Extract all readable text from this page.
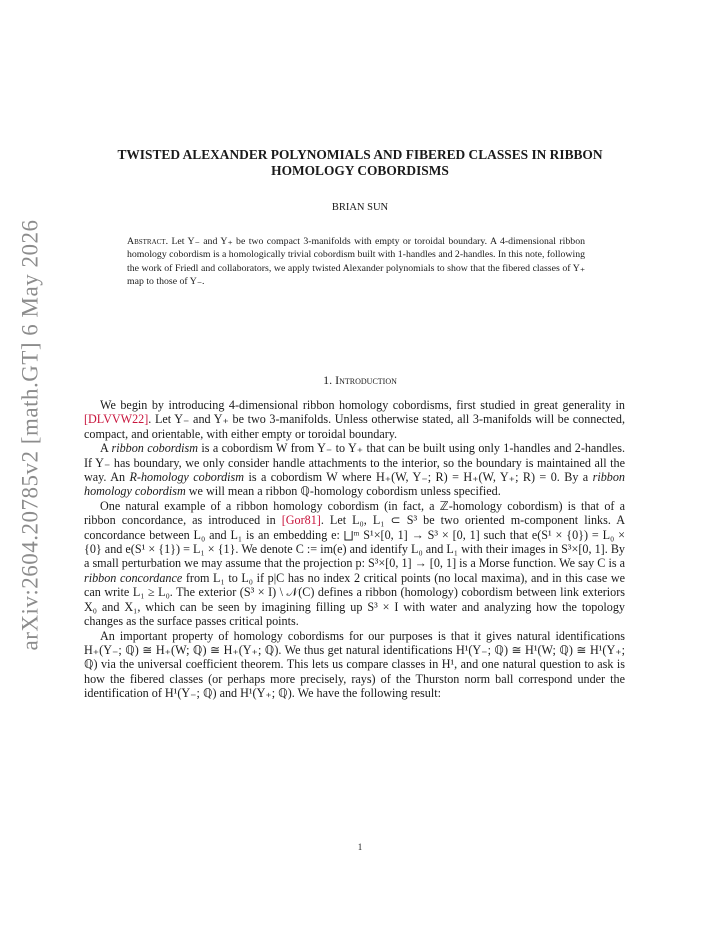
arXiv:2604.20785v2 [math.GT] 6 May 2026
TWISTED ALEXANDER POLYNOMIALS AND FIBERED CLASSES IN RIBBON HOMOLOGY COBORDISMS
BRIAN SUN

Abstract. Let Y₋ and Y₊ be two compact 3-manifolds with empty or toroidal boundary. A 4-dimensional ribbon homology cobordism is a homologically trivial cobordism built with 1-handles and 2-handles. In this note, following the work of Friedl and collaborators, we apply twisted Alexander polynomials to show that the fibered classes of Y₊ map to those of Y₋.

1. Introduction

We begin by introducing 4-dimensional ribbon homology cobordisms, first studied in great generality in [DLVVW22]. Let Y₋ and Y₊ be two 3-manifolds. Unless otherwise stated, all 3-manifolds will be connected, compact, and orientable, with either empty or toroidal boundary.

A ribbon cobordism is a cobordism W from Y₋ to Y₊ that can be built using only 1-handles and 2-handles. If Y₋ has boundary, we only consider handle attachments to the interior, so the boundary is maintained all the way. An R-homology cobordism is a cobordism W where H₊(W, Y₋; R) = H₊(W, Y₊; R) = 0. By a ribbon homology cobordism we will mean a ribbon ℚ-homology cobordism unless specified.

One natural example of a ribbon homology cobordism (in fact, a ℤ-homology cobordism) is that of a ribbon concordance, as introduced in [Gor81]. Let L₀, L₁ ⊂ S³ be two oriented m-component links. A concordance between L₀ and L₁ is an embedding e: ⨆ᵐ S¹×[0, 1] → S³ × [0, 1] such that e(S¹ × {0}) = L₀ × {0} and e(S¹ × {1}) = L₁ × {1}. We denote C := im(e) and identify L₀ and L₁ with their images in S³×[0, 1]. By a small perturbation we may assume that the projection p: S³×[0, 1] → [0, 1] is a Morse function. We say C is a ribbon concordance from L₁ to L₀ if p|C has no index 2 critical points (no local maxima), and in this case we can write L₁ ≥ L₀. The exterior (S³ × I) \ 𝒩(C) defines a ribbon (homology) cobordism between link exteriors X₀ and X₁, which can be seen by imagining filling up S³ × I with water and analyzing how the topology changes as the surface passes critical points.

An important property of homology cobordisms for our purposes is that it gives natural identifications H₊(Y₋; ℚ) ≅ H₊(W; ℚ) ≅ H₊(Y₊; ℚ). We thus get natural identifications H¹(Y₋; ℚ) ≅ H¹(W; ℚ) ≅ H¹(Y₊; ℚ) via the universal coefficient theorem. This lets us compare classes in H¹, and one natural question to ask is how the fibered classes (or perhaps more precisely, rays) of the Thurston norm ball correspond under the identification of H¹(Y₋; ℚ) and H¹(Y₊; ℚ). We have the following result:

1
